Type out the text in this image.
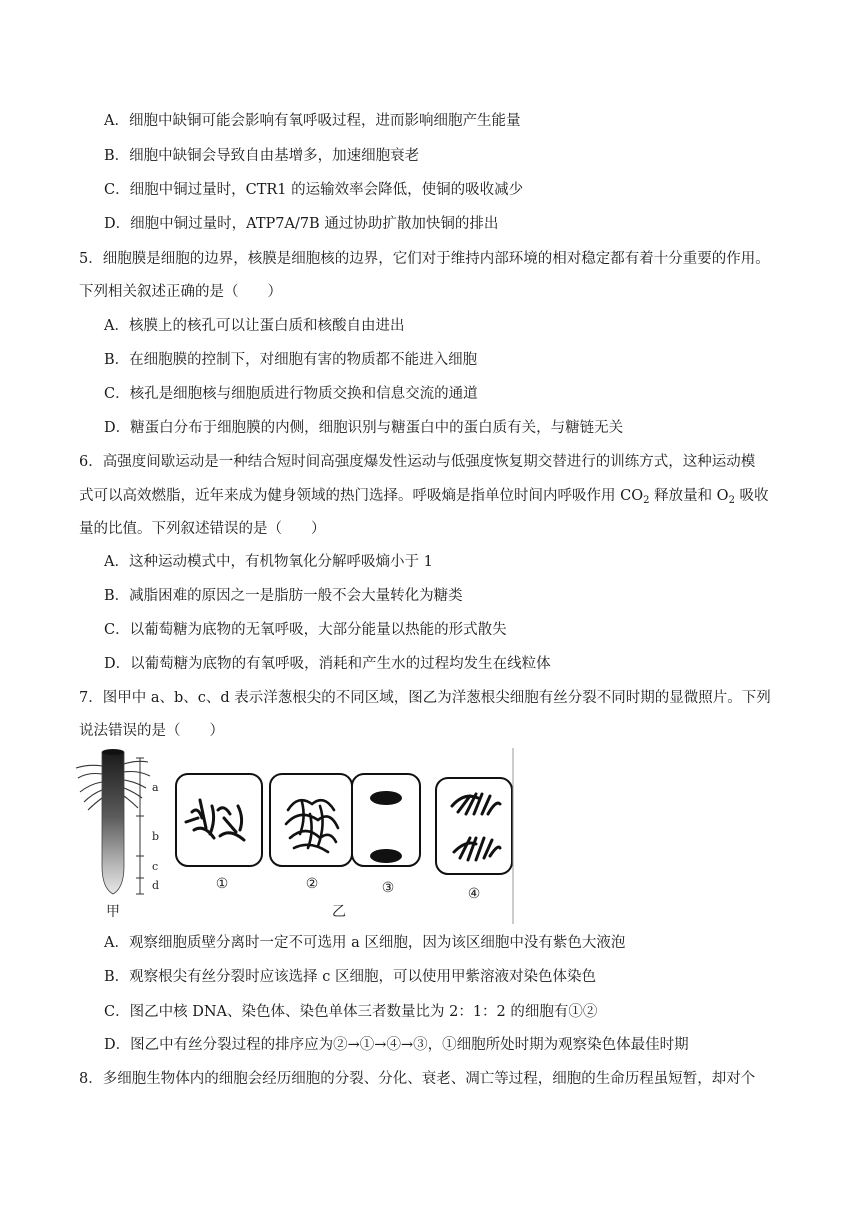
A．细胞中缺铜可能会影响有氧呼吸过程，进而影响细胞产生能量
B．细胞中缺铜会导致自由基增多，加速细胞衰老
C．细胞中铜过量时，CTR1 的运输效率会降低，使铜的吸收减少
D．细胞中铜过量时，ATP7A/7B 通过协助扩散加快铜的排出
5．细胞膜是细胞的边界，核膜是细胞核的边界，它们对于维持内部环境的相对稳定都有着十分重要的作用。
下列相关叙述正确的是（　　）
A．核膜上的核孔可以让蛋白质和核酸自由进出
B．在细胞膜的控制下，对细胞有害的物质都不能进入细胞
C．核孔是细胞核与细胞质进行物质交换和信息交流的通道
D．糖蛋白分布于细胞膜的内侧，细胞识别与糖蛋白中的蛋白质有关，与糖链无关
6．高强度间歇运动是一种结合短时间高强度爆发性运动与低强度恢复期交替进行的训练方式，这种运动模
式可以高效燃脂，近年来成为健身领域的热门选择。呼吸熵是指单位时间内呼吸作用 $CO_2$ 释放量和 $O_2$ 吸收
量的比值。下列叙述错误的是（　　）
A．这种运动模式中，有机物氧化分解呼吸熵小于 1
B．减脂困难的原因之一是脂肪一般不会大量转化为糖类
C．以葡萄糖为底物的无氧呼吸，大部分能量以热能的形式散失
D．以葡萄糖为底物的有氧呼吸，消耗和产生水的过程均发生在线粒体
7．图甲中 a、b、c、d 表示洋葱根尖的不同区域，图乙为洋葱根尖细胞有丝分裂不同时期的显微照片。下列
说法错误的是（　　）
a
b
c
d	①	②	③	④
甲	乙
A．观察细胞质壁分离时一定不可选用 a 区细胞，因为该区细胞中没有紫色大液泡
B．观察根尖有丝分裂时应该选择 c 区细胞，可以使用甲紫溶液对染色体染色
C．图乙中核 DNA、染色体、染色单体三者数量比为 2：1：2 的细胞有①②
D．图乙中有丝分裂过程的排序应为②→①→④→③，①细胞所处时期为观察染色体最佳时期
8．多细胞生物体内的细胞会经历细胞的分裂、分化、衰老、凋亡等过程，细胞的生命历程虽短暂，却对个
